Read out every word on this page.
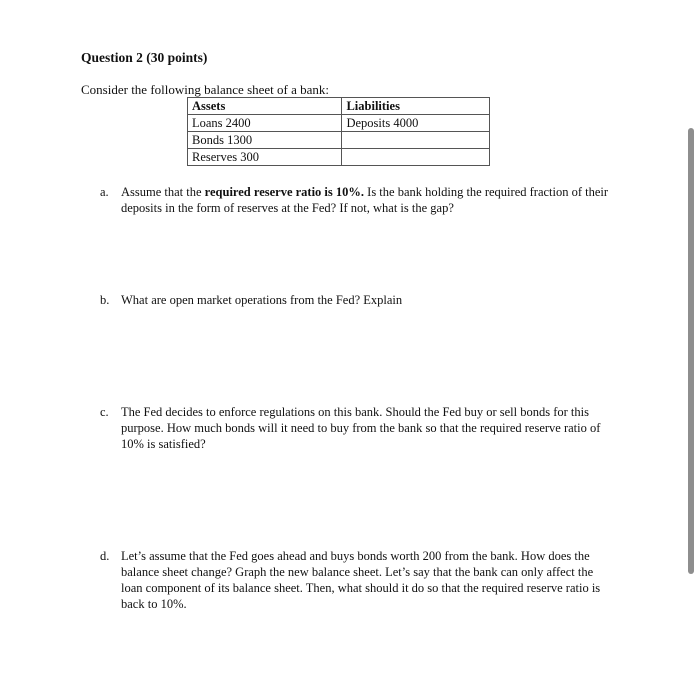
Question 2 (30 points)
Consider the following balance sheet of a bank:
Assets	Liabilities
Loans 2400	Deposits 4000
Bonds 1300	
Reserves 300	
a. Assume that the required reserve ratio is 10%. Is the bank holding the required fraction of their deposits in the form of reserves at the Fed? If not, what is the gap?
b. What are open market operations from the Fed? Explain
c. The Fed decides to enforce regulations on this bank. Should the Fed buy or sell bonds for this purpose. How much bonds will it need to buy from the bank so that the required reserve ratio of 10% is satisfied?
d. Let’s assume that the Fed goes ahead and buys bonds worth 200 from the bank. How does the balance sheet change? Graph the new balance sheet. Let’s say that the bank can only affect the loan component of its balance sheet. Then, what should it do so that the required reserve ratio is back to 10%.
